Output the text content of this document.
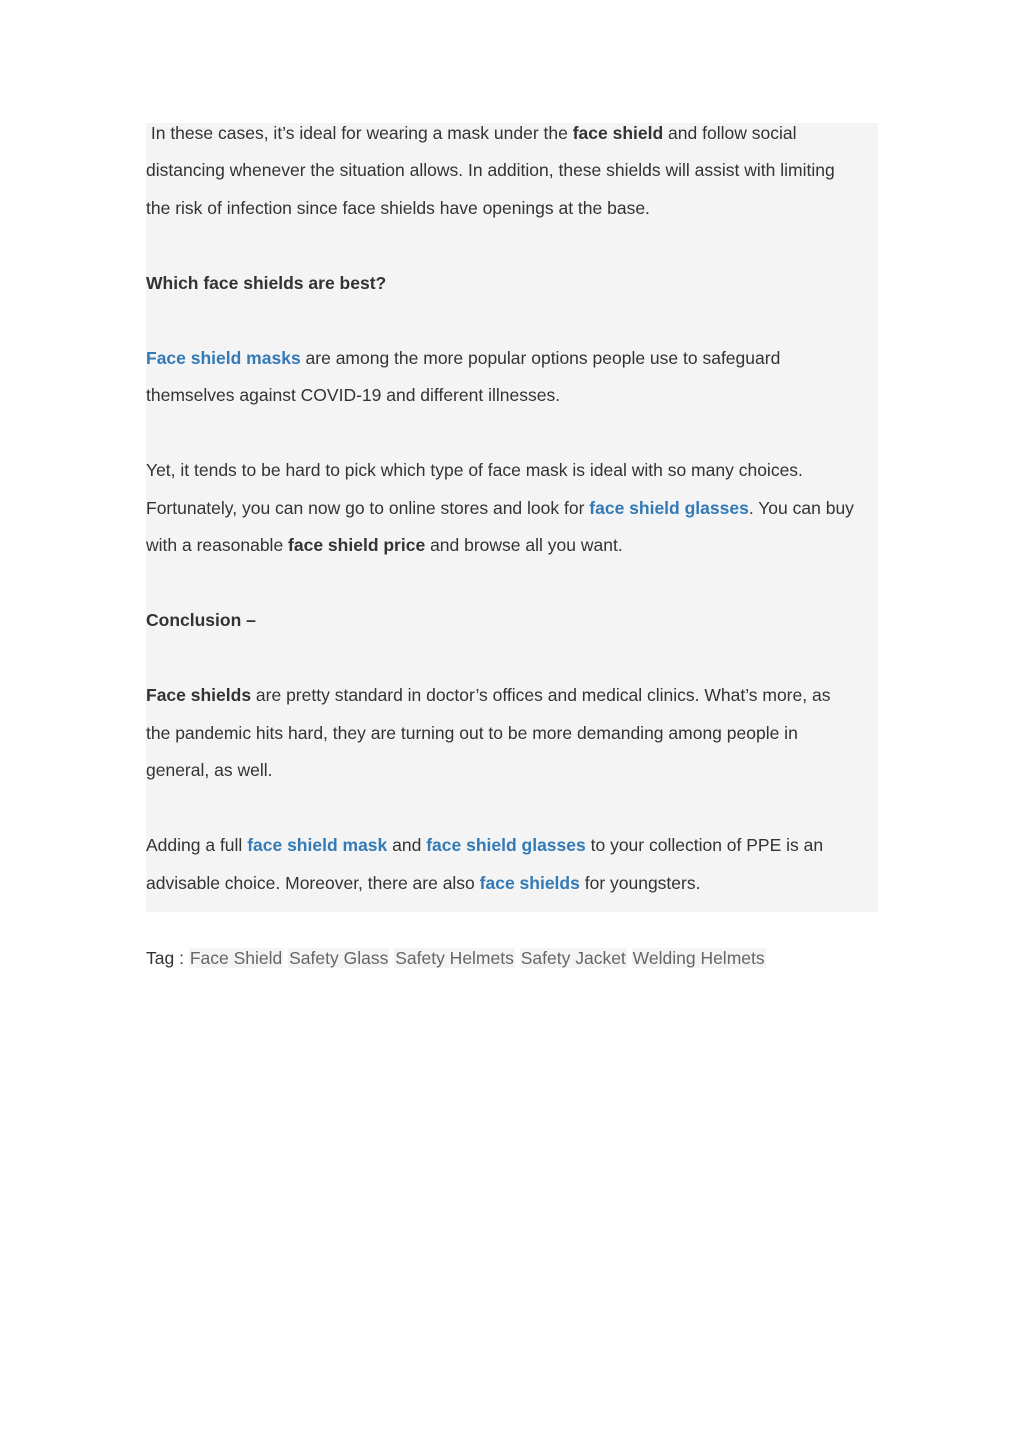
In these cases, it’s ideal for wearing a mask under the face shield and follow social

distancing whenever the situation allows. In addition, these shields will assist with limiting

the risk of infection since face shields have openings at the base.

Which face shields are best?

Face shield masks are among the more popular options people use to safeguard

themselves against COVID-19 and different illnesses.

Yet, it tends to be hard to pick which type of face mask is ideal with so many choices.

Fortunately, you can now go to online stores and look for face shield glasses. You can buy

with a reasonable face shield price and browse all you want.

Conclusion –

Face shields are pretty standard in doctor’s offices and medical clinics. What’s more, as

the pandemic hits hard, they are turning out to be more demanding among people in

general, as well.

Adding a full face shield mask and face shield glasses to your collection of PPE is an

advisable choice. Moreover, there are also face shields for youngsters.

Tag : Face Shield Safety Glass Safety Helmets Safety Jacket Welding Helmets
